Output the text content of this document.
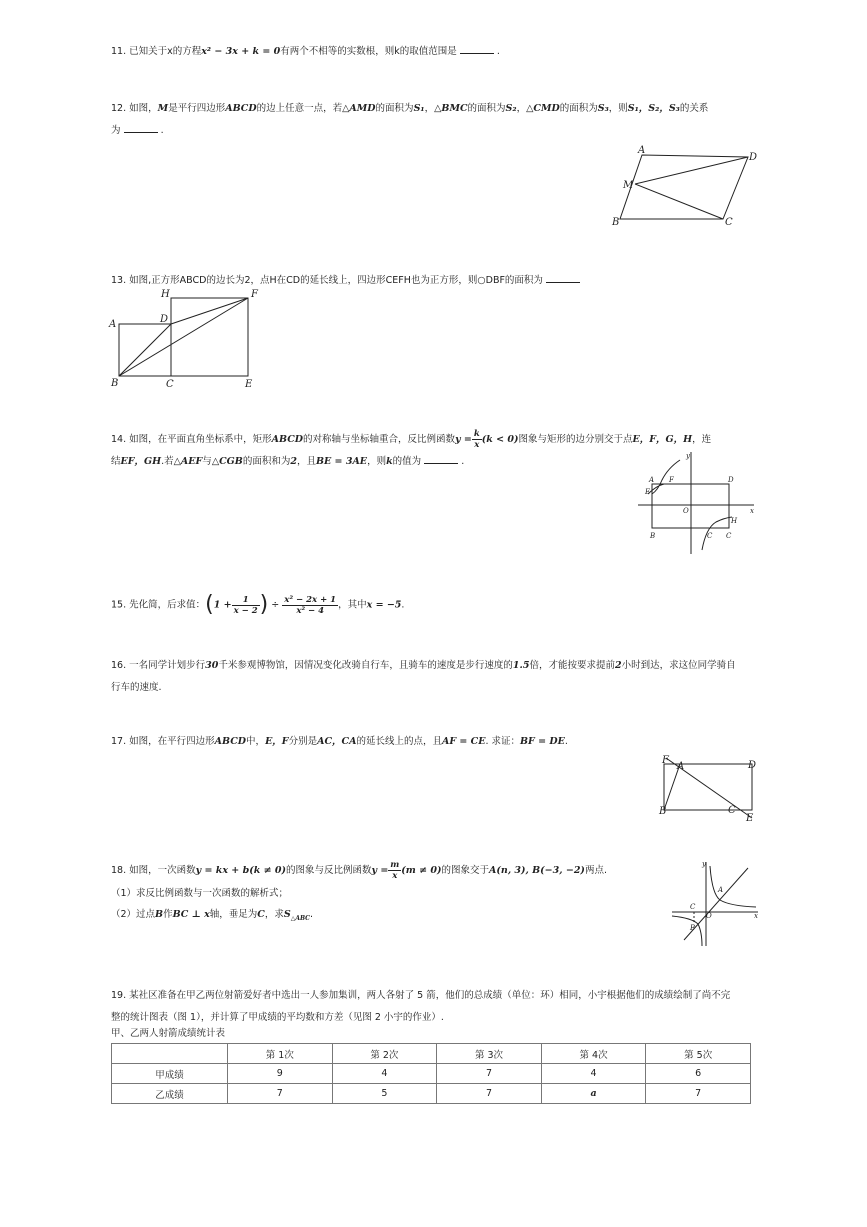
11. 已知关于x的方程x² − 3x + k = 0有两个不相等的实数根，则k的取值范围是	.

12. 如图，M是平行四边形ABCD的边上任意一点，若△AMD的面积为S₁，△BMC的面积为S₂，△CMD的面积为S₃，则S₁，S₂，S₃的关系
为	.

A
D
M
B	C

13. 如图,正方形ABCD的边长为2，点H在CD的延长线上，四边形CEFH也为正方形，则○DBF的面积为

H	F
A	D
B	C	E

14. 如图，在平面直角坐标系中，矩形ABCD的对称轴与坐标轴重合，反比例函数$y = \frac{k}{x} (k < 0)$图象与矩形的边分别交于点E，F，G，H，连
结EF，GH.若△AEF与△CGB的面积和为2，且BE = 3AE，则k的值为	.	y
A F	D
E
O	x
H
B	C C

15. 先化简，后求值：($1 + \frac{1}{x - 2}$ ) ÷ $\frac{\text{x² − 2x + 1}}{\text{x² − 4}}$ ，其中x = −5.

16. 一名同学计划步行30千米参观博物馆，因情况变化改骑自行车，且骑车的速度是步行速度的1.5倍，才能按要求提前2小时到达，求这位同学骑自
行车的速度.

17. 如图，在平行四边形ABCD中，E，F分别是AC，CA的延长线上的点，且AF = CE. 求证：BF = DE.

F
A	D
B	C
E

18. 如图，一次函数y = kx + b(k ≠ 0)的图象与反比例函数$y = \frac{m}{x} (m \ne 0)$的图象交于A(n, 3), B(−3, −2)两点.

（1）求反比例函数与一次函数的解析式；

（2）过点B作BC ⊥ x轴，垂足为C，求$S_{\triangle ABC}$.

y
A
C
O
B
x

19. 某社区准备在甲乙两位射箭爱好者中选出一人参加集训，两人各射了 5 箭，他们的总成绩（单位：环）相同，小宇根据他们的成绩绘制了尚不完
整的统计图表（图 1），并计算了甲成绩的平均数和方差（见图 2 小宇的作业）.

甲、乙两人射箭成绩统计表
	第 1次	第 2次	第 3次	第 4次	第 5次
甲成绩	9	4	7	4	6
乙成绩	7	5	7	a	7
